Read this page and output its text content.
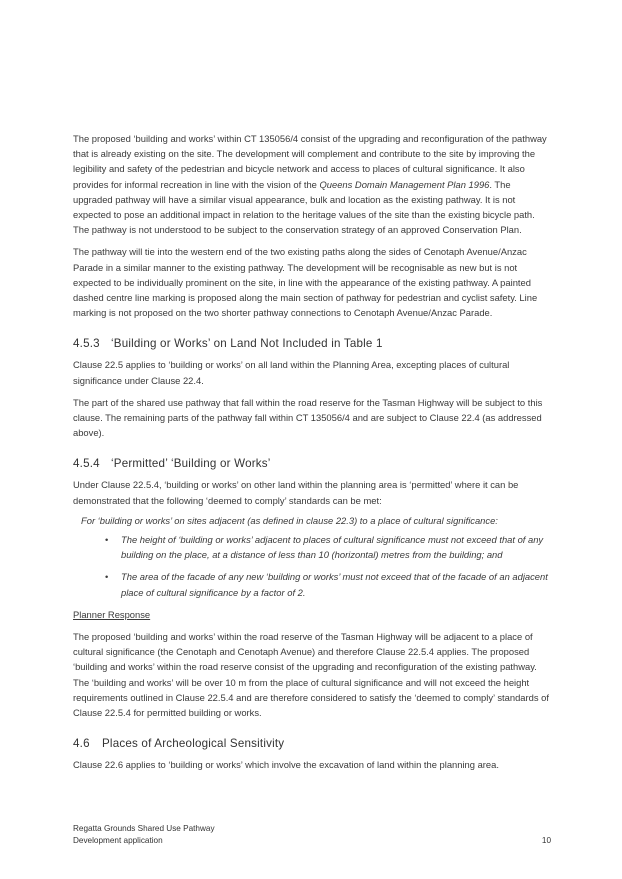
The proposed ‘building and works’ within CT 135056/4 consist of the upgrading and reconfiguration of the pathway that is already existing on the site. The development will complement and contribute to the site by improving the legibility and safety of the pedestrian and bicycle network and access to places of cultural significance. It also provides for informal recreation in line with the vision of the Queens Domain Management Plan 1996. The upgraded pathway will have a similar visual appearance, bulk and location as the existing pathway. It is not expected to pose an additional impact in relation to the heritage values of the site than the existing bicycle path. The pathway is not understood to be subject to the conservation strategy of an approved Conservation Plan.

The pathway will tie into the western end of the two existing paths along the sides of Cenotaph Avenue/Anzac Parade in a similar manner to the existing pathway. The development will be recognisable as new but is not expected to be individually prominent on the site, in line with the appearance of the existing pathway. A painted dashed centre line marking is proposed along the main section of pathway for pedestrian and cyclist safety. Line marking is not proposed on the two shorter pathway connections to Cenotaph Avenue/Anzac Parade.

4.5.3 ‘Building or Works’ on Land Not Included in Table 1

Clause 22.5 applies to ‘building or works’ on all land within the Planning Area, excepting places of cultural significance under Clause 22.4.

The part of the shared use pathway that fall within the road reserve for the Tasman Highway will be subject to this clause. The remaining parts of the pathway fall within CT 135056/4 and are subject to Clause 22.4 (as addressed above).

4.5.4 ‘Permitted’ ‘Building or Works’

Under Clause 22.5.4, ‘building or works’ on other land within the planning area is ‘permitted’ where it can be demonstrated that the following ‘deemed to comply’ standards can be met:

For ‘building or works’ on sites adjacent (as defined in clause 22.3) to a place of cultural significance:

• The height of ‘building or works’ adjacent to places of cultural significance must not exceed that of any building on the place, at a distance of less than 10 (horizontal) metres from the building; and
• The area of the facade of any new ‘building or works’ must not exceed that of the facade of an adjacent place of cultural significance by a factor of 2.

Planner Response

The proposed ‘building and works’ within the road reserve of the Tasman Highway will be adjacent to a place of cultural significance (the Cenotaph and Cenotaph Avenue) and therefore Clause 22.5.4 applies. The proposed ‘building and works’ within the road reserve consist of the upgrading and reconfiguration of the existing pathway. The ‘building and works’ will be over 10 m from the place of cultural significance and will not exceed the height requirements outlined in Clause 22.5.4 and are therefore considered to satisfy the ‘deemed to comply’ standards of Clause 22.5.4 for permitted building or works.

4.6 Places of Archeological Sensitivity

Clause 22.6 applies to ‘building or works’ which involve the excavation of land within the planning area.

Regatta Grounds Shared Use Pathway
Development application	10
